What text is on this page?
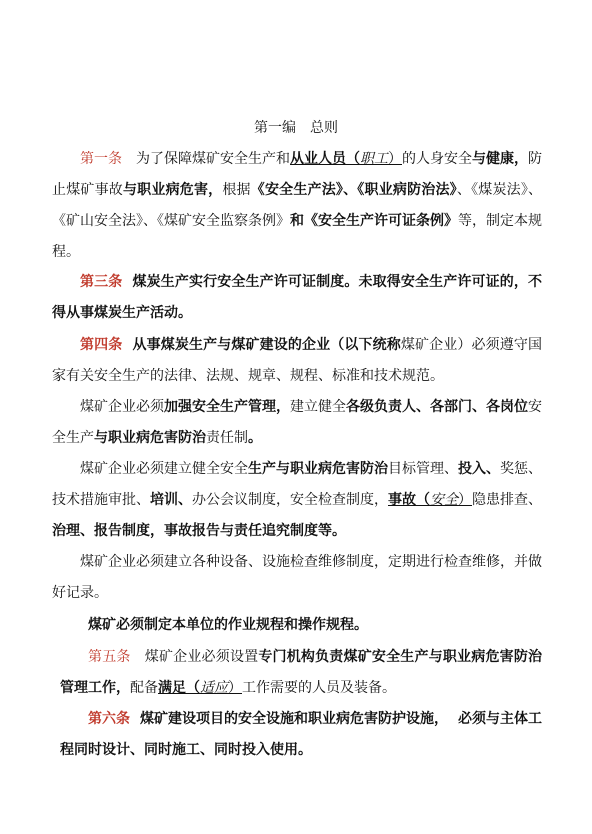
第一编 总则
第一条 为了保障煤矿安全生产和从业人员（职工）的人身安全与健康，防止煤矿事故与职业病危害，根据《安全生产法》、《职业病防治法》、《煤炭法》、《矿山安全法》、《煤矿安全监察条例》和《安全生产许可证条例》等，制定本规程。
第三条 煤炭生产实行安全生产许可证制度。未取得安全生产许可证的，不得从事煤炭生产活动。
第四条 从事煤炭生产与煤矿建设的企业（以下统称煤矿企业）必须遵守国家有关安全生产的法律、法规、规章、规程、标准和技术规范。
煤矿企业必须加强安全生产管理，建立健全各级负责人、各部门、各岗位安全生产与职业病危害防治责任制。
煤矿企业必须建立健全安全生产与职业病危害防治目标管理、投入、奖惩、技术措施审批、培训、办公会议制度，安全检查制度，事故（安全）隐患排查、治理、报告制度，事故报告与责任追究制度等。
煤矿企业必须建立各种设备、设施检查维修制度，定期进行检查维修，并做好记录。
煤矿必须制定本单位的作业规程和操作规程。
第五条 煤矿企业必须设置专门机构负责煤矿安全生产与职业病危害防治管理工作，配备满足（适应）工作需要的人员及装备。
第六条 煤矿建设项目的安全设施和职业病危害防护设施， 必须与主体工程同时设计、同时施工、同时投入使用。
